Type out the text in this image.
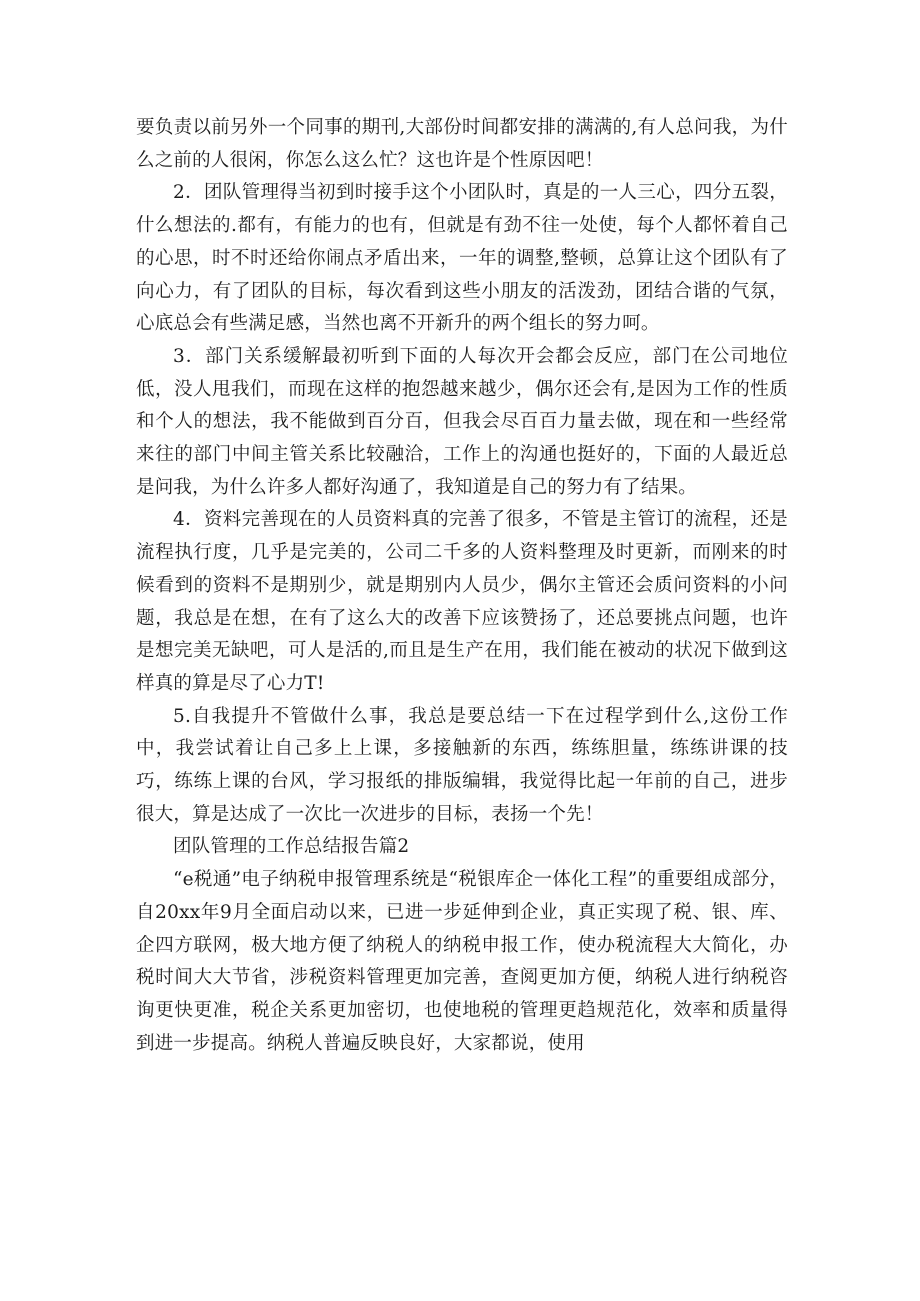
要负责以前另外一个同事的期刊,大部份时间都安排的满满的,有人总问我，为什么之前的人很闲，你怎么这么忙？这也许是个性原因吧！

2．团队管理得当初到时接手这个小团队时，真是的一人三心，四分五裂，什么想法的.都有，有能力的也有，但就是有劲不往一处使，每个人都怀着自己的心思，时不时还给你闹点矛盾出来，一年的调整,整顿，总算让这个团队有了向心力，有了团队的目标，每次看到这些小朋友的活泼劲，团结合谐的气氛，心底总会有些满足感，当然也离不开新升的两个组长的努力呵。

3．部门关系缓解最初听到下面的人每次开会都会反应，部门在公司地位低，没人甩我们，而现在这样的抱怨越来越少，偶尔还会有,是因为工作的性质和个人的想法，我不能做到百分百，但我会尽百百力量去做，现在和一些经常来往的部门中间主管关系比较融洽，工作上的沟通也挺好的，下面的人最近总是问我，为什么许多人都好沟通了，我知道是自己的努力有了结果。

4．资料完善现在的人员资料真的完善了很多，不管是主管订的流程，还是流程执行度，几乎是完美的，公司二千多的人资料整理及时更新，而刚来的时候看到的资料不是期别少，就是期别内人员少，偶尔主管还会质问资料的小问题，我总是在想，在有了这么大的改善下应该赞扬了，还总要挑点问题，也许是想完美无缺吧，可人是活的,而且是生产在用，我们能在被动的状况下做到这样真的算是尽了心力T!

5.自我提升不管做什么事，我总是要总结一下在过程学到什么,这份工作中，我尝试着让自己多上上课，多接触新的东西，练练胆量，练练讲课的技巧，练练上课的台风，学习报纸的排版编辑，我觉得比起一年前的自己，进步很大，算是达成了一次比一次进步的目标，表扬一个先！

团队管理的工作总结报告篇2

“e税通”电子纳税申报管理系统是“税银库企一体化工程”的重要组成部分，自20xx年9月全面启动以来，已进一步延伸到企业，真正实现了税、银、库、企四方联网，极大地方便了纳税人的纳税申报工作，使办税流程大大简化，办税时间大大节省，涉税资料管理更加完善，查阅更加方便，纳税人进行纳税咨询更快更准，税企关系更加密切，也使地税的管理更趋规范化，效率和质量得到进一步提高。纳税人普遍反映良好，大家都说，使用
